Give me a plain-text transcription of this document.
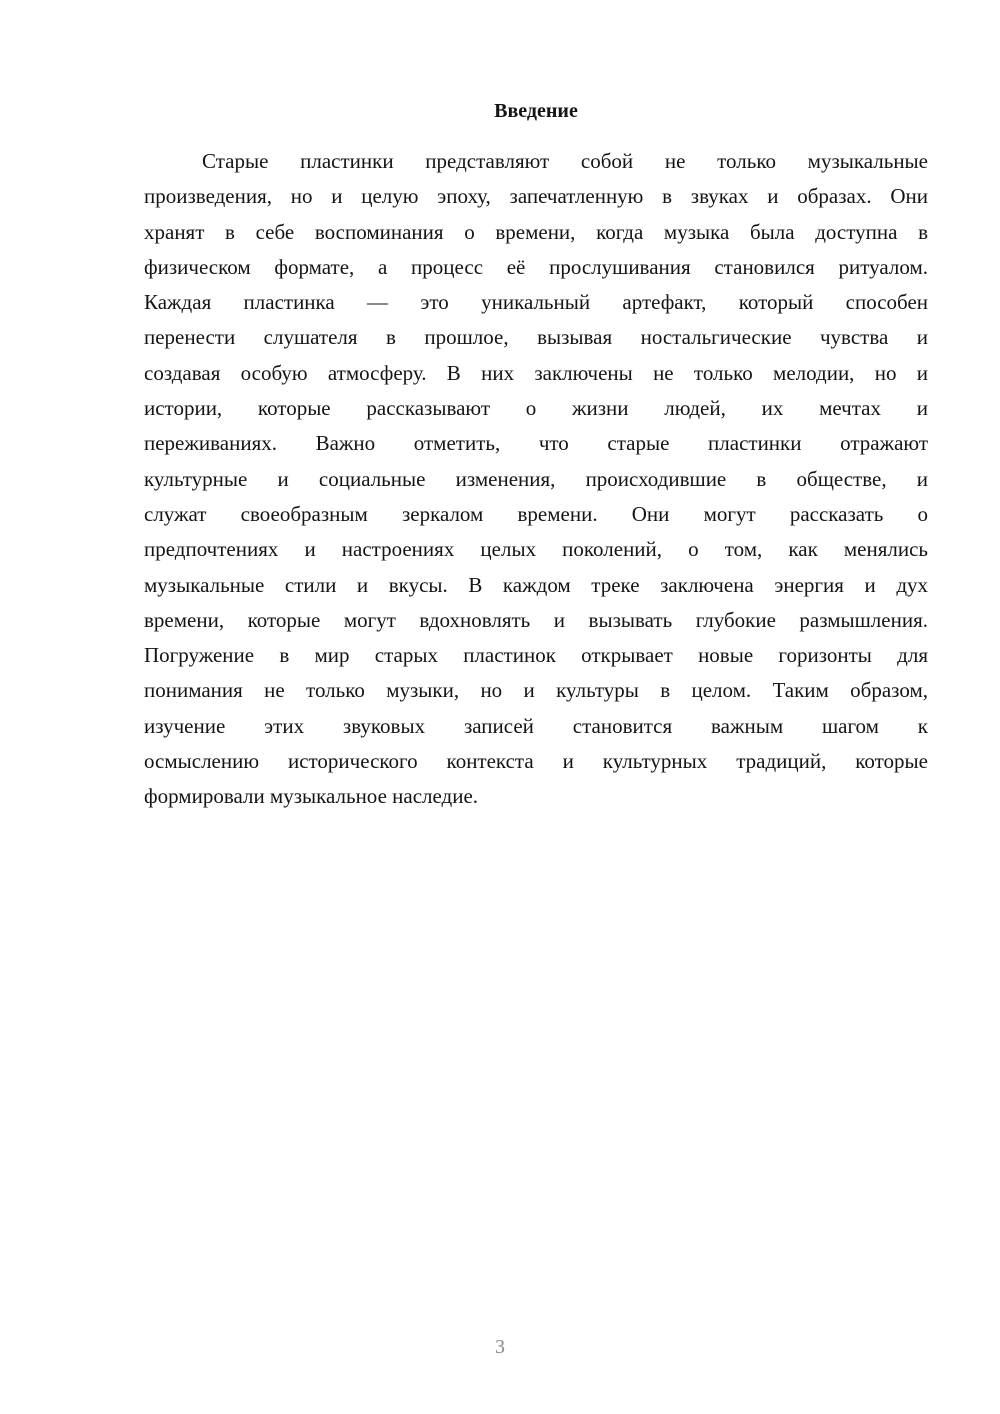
Введение
Старые пластинки представляют собой не только музыкальные
произведения, но и целую эпоху, запечатленную в звуках и образах. Они
хранят в себе воспоминания о времени, когда музыка была доступна в
физическом формате, а процесс её прослушивания становился ритуалом.
Каждая пластинка — это уникальный артефакт, который способен
перенести слушателя в прошлое, вызывая ностальгические чувства и
создавая особую атмосферу. В них заключены не только мелодии, но и
истории, которые рассказывают о жизни людей, их мечтах и
переживаниях. Важно отметить, что старые пластинки отражают
культурные и социальные изменения, происходившие в обществе, и
служат своеобразным зеркалом времени. Они могут рассказать о
предпочтениях и настроениях целых поколений, о том, как менялись
музыкальные стили и вкусы. В каждом треке заключена энергия и дух
времени, которые могут вдохновлять и вызывать глубокие размышления.
Погружение в мир старых пластинок открывает новые горизонты для
понимания не только музыки, но и культуры в целом. Таким образом,
изучение этих звуковых записей становится важным шагом к
осмыслению исторического контекста и культурных традиций, которые
формировали музыкальное наследие.

3
